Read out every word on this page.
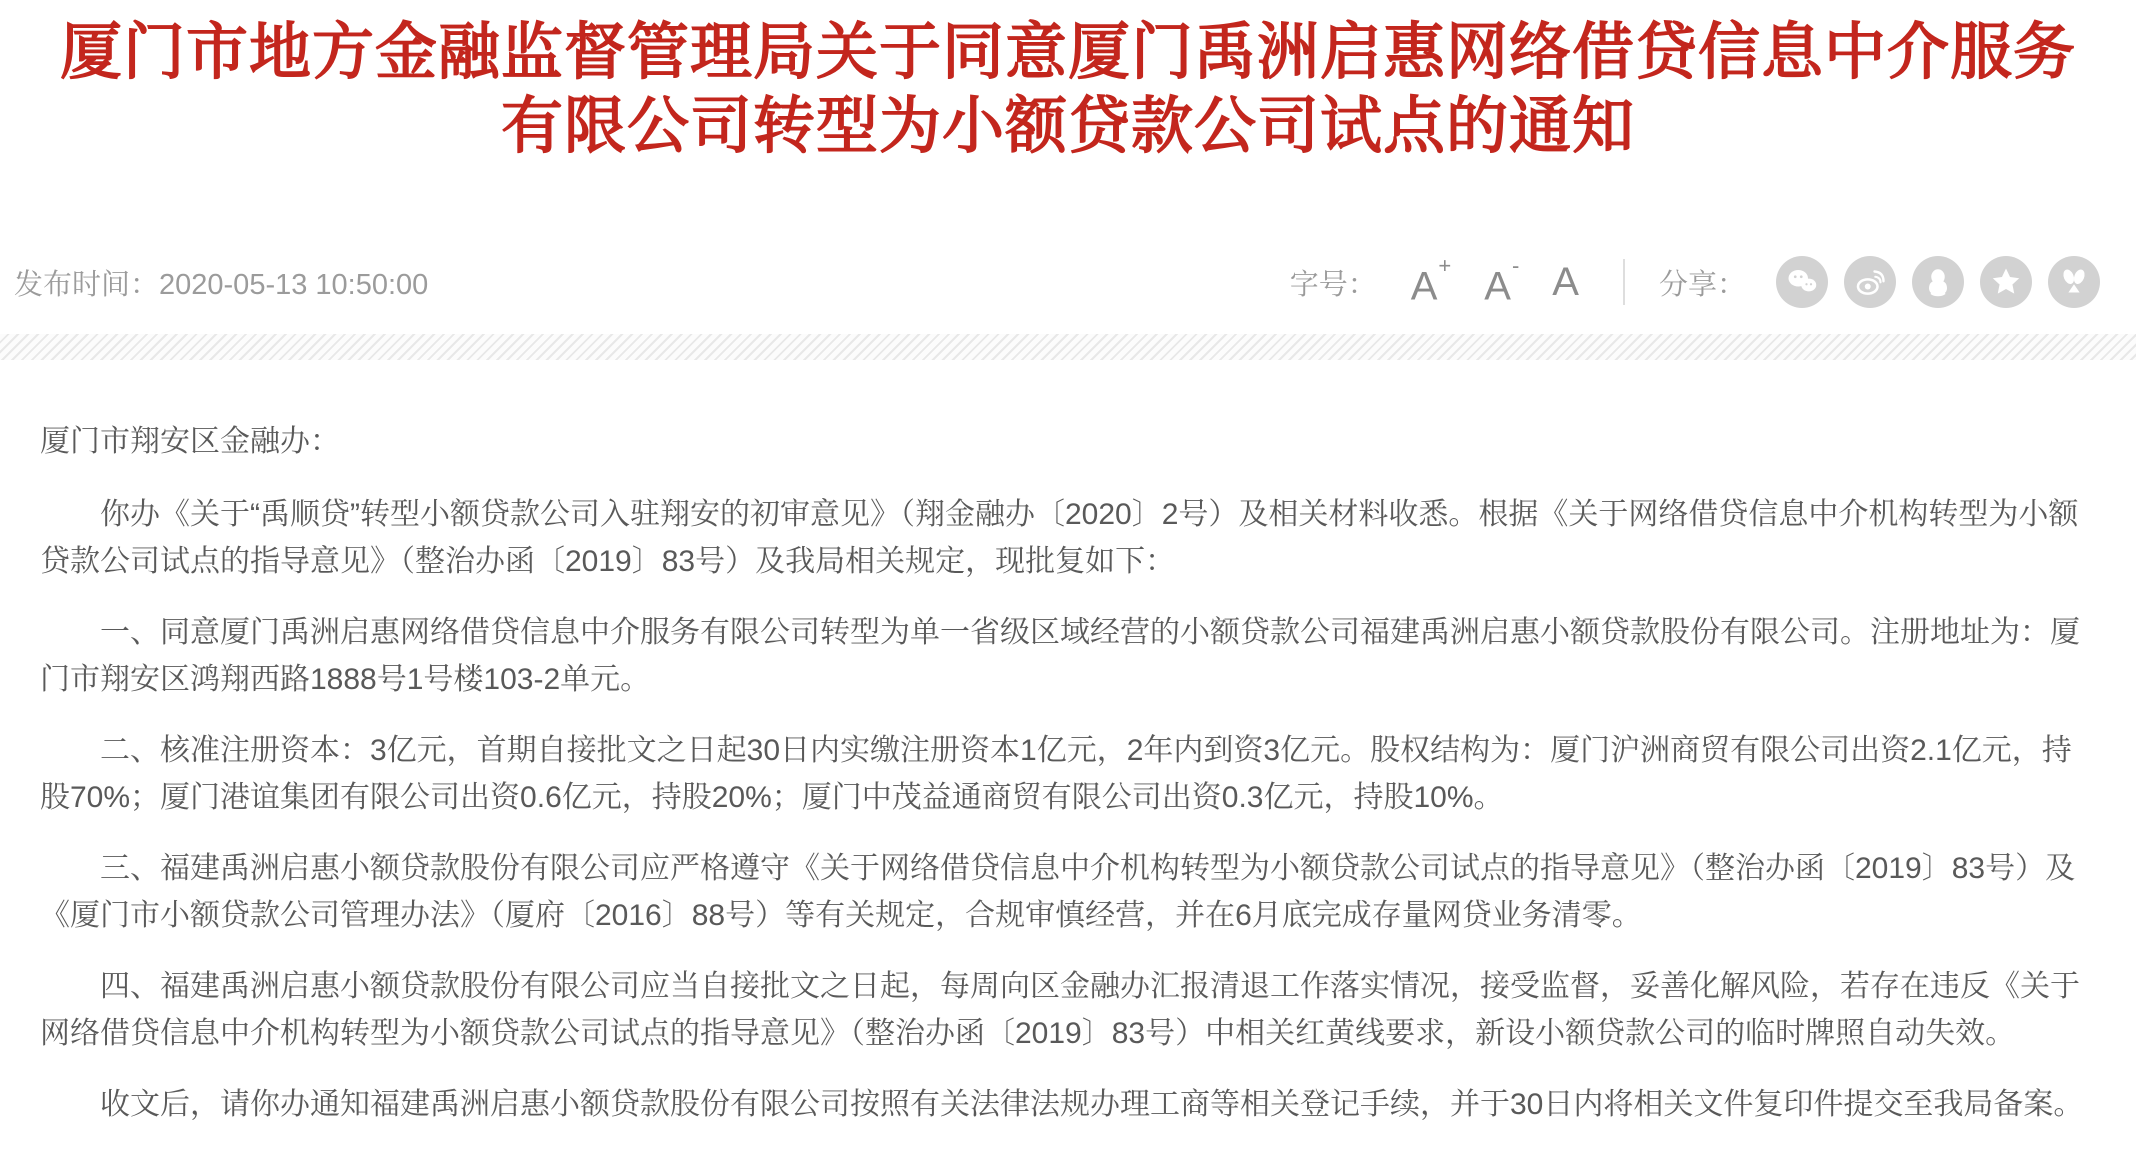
厦门市地方金融监督管理局关于同意厦门禹洲启惠网络借贷信息中介服务
有限公司转型为小额贷款公司试点的通知
发布时间：2020-05-13 10:50:00	字号： A+ A- A	分享：
厦门市翔安区金融办：

你办《关于“禹顺贷”转型小额贷款公司入驻翔安的初审意见》（翔金融办〔2020〕2号）及相关材料收悉。根据《关于网络借贷信息中介机构转型为小额贷款公司试点的指导意见》（整治办函〔2019〕83号）及我局相关规定，现批复如下：

一、同意厦门禹洲启惠网络借贷信息中介服务有限公司转型为单一省级区域经营的小额贷款公司福建禹洲启惠小额贷款股份有限公司。注册地址为：厦门市翔安区鸿翔西路1888号1号楼103-2单元。

二、核准注册资本：3亿元，首期自接批文之日起30日内实缴注册资本1亿元，2年内到资3亿元。股权结构为：厦门沪洲商贸有限公司出资2.1亿元，持股70%；厦门港谊集团有限公司出资0.6亿元，持股20%；厦门中茂益通商贸有限公司出资0.3亿元，持股10%。

三、福建禹洲启惠小额贷款股份有限公司应严格遵守《关于网络借贷信息中介机构转型为小额贷款公司试点的指导意见》（整治办函〔2019〕83号）及《厦门市小额贷款公司管理办法》（厦府〔2016〕88号）等有关规定，合规审慎经营，并在6月底完成存量网贷业务清零。

四、福建禹洲启惠小额贷款股份有限公司应当自接批文之日起，每周向区金融办汇报清退工作落实情况，接受监督，妥善化解风险，若存在违反《关于网络借贷信息中介机构转型为小额贷款公司试点的指导意见》（整治办函〔2019〕83号）中相关红黄线要求，新设小额贷款公司的临时牌照自动失效。

收文后，请你办通知福建禹洲启惠小额贷款股份有限公司按照有关法律法规办理工商等相关登记手续，并于30日内将相关文件复印件提交至我局备案。
